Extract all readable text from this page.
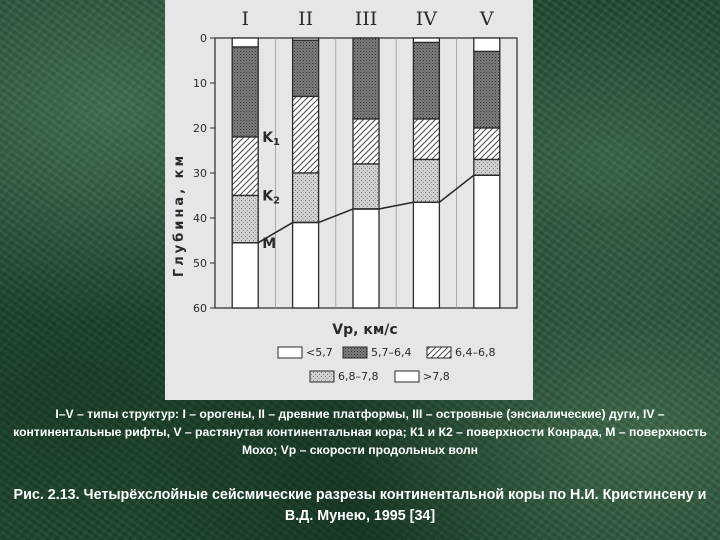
Глубина, км
0
10
20
30
40
50
60
I	II III IV V
$K_1$
$K_2$
M
Vp, км/с
<5,7	5,7–6,4	6,4–6,8
6,8–7,8	>7,8
I–V – типы структур: I – орогены, II – древние платформы, III – островные (энсиалические) дуги, IV – континентальные рифты, V – растянутая континентальная кора; К1 и К2 – поверхности Конрада, М – поверхность Мохо; Vp – скорости продольных волн
Рис. 2.13. Четырёхслойные сейсмические разрезы континентальной коры по Н.И. Кристинсену и В.Д. Мунею, 1995 [34]
